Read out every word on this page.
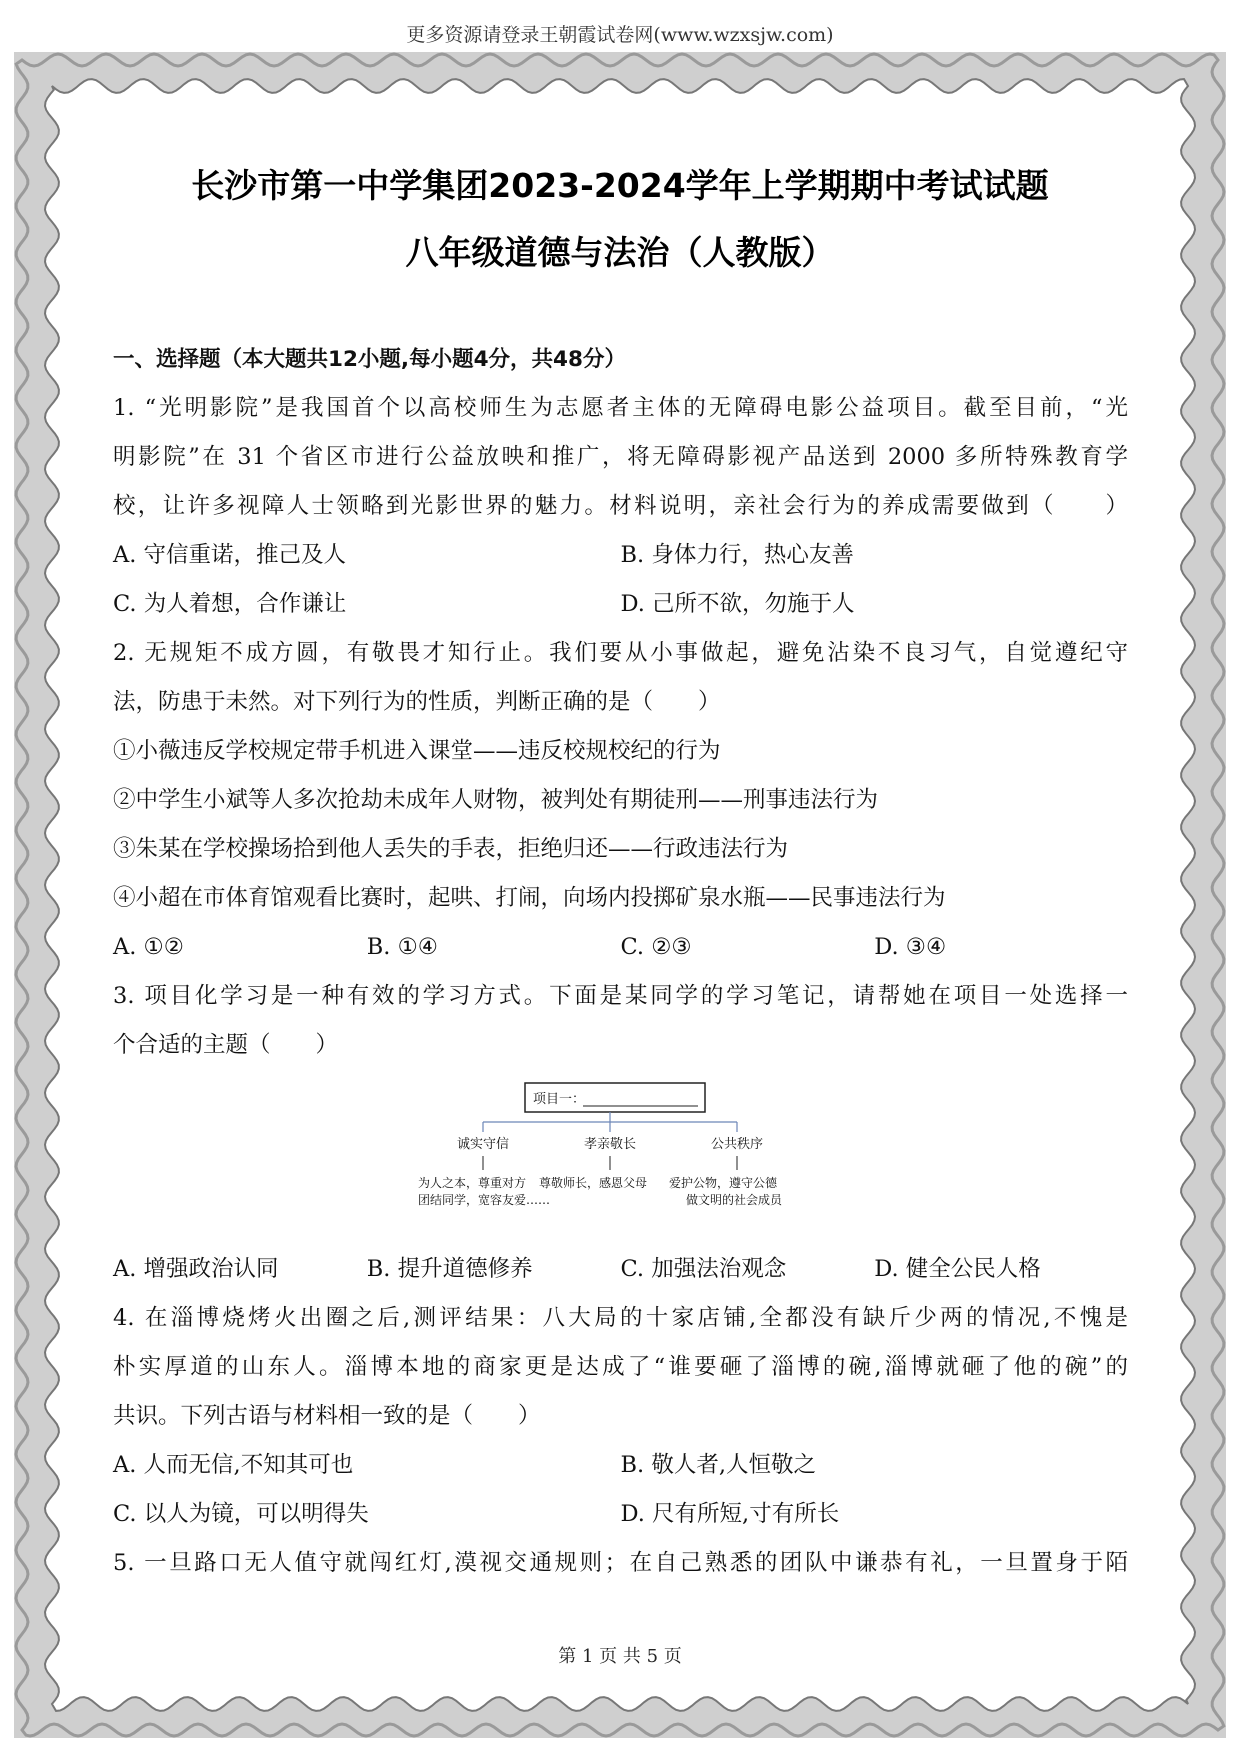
更多资源请登录王朝霞试卷网(www.wzxsjw.com)
长沙市第一中学集团2023-2024学年上学期期中考试试题
八年级道德与法治（人教版）
一、选择题（本大题共12小题,每小题4分，共48分）
1. “光明影院”是我国首个以高校师生为志愿者主体的无障碍电影公益项目。截至目前，“光
明影院”在 31 个省区市进行公益放映和推广，将无障碍影视产品送到 2000 多所特殊教育学
校，让许多视障人士领略到光影世界的魅力。材料说明，亲社会行为的养成需要做到（　　）
A. 守信重诺，推己及人	B. 身体力行，热心友善
C. 为人着想，合作谦让	D. 己所不欲，勿施于人
2. 无规矩不成方圆，有敬畏才知行止。我们要从小事做起，避免沾染不良习气，自觉遵纪守
法，防患于未然。对下列行为的性质，判断正确的是（　　）
①小薇违反学校规定带手机进入课堂——违反校规校纪的行为
②中学生小斌等人多次抢劫未成年人财物，被判处有期徒刑——刑事违法行为
③朱某在学校操场拾到他人丢失的手表，拒绝归还——行政违法行为
④小超在市体育馆观看比赛时，起哄、打闹，向场内投掷矿泉水瓶——民事违法行为
A. ①②	B. ①④	C. ②③	D. ③④
3. 项目化学习是一种有效的学习方式。下面是某同学的学习笔记，请帮她在项目一处选择一
个合适的主题（　　）
项目一：
诚实守信	孝亲敬长	公共秩序
为人之本，尊重对方
团结同学，宽容友爱……
尊敬师长，感恩父母 爱护公物，遵守公德
做文明的社会成员
A. 增强政治认同	B. 提升道德修养	C. 加强法治观念	D. 健全公民人格
4. 在淄博烧烤火出圈之后,测评结果：八大局的十家店铺,全都没有缺斤少两的情况,不愧是
朴实厚道的山东人。淄博本地的商家更是达成了“谁要砸了淄博的碗,淄博就砸了他的碗”的
共识。下列古语与材料相一致的是（　　）
A. 人而无信,不知其可也	B. 敬人者,人恒敬之
C. 以人为镜，可以明得失	D. 尺有所短,寸有所长
5. 一旦路口无人值守就闯红灯,漠视交通规则；在自己熟悉的团队中谦恭有礼，一旦置身于陌
第 1 页 共 5 页
